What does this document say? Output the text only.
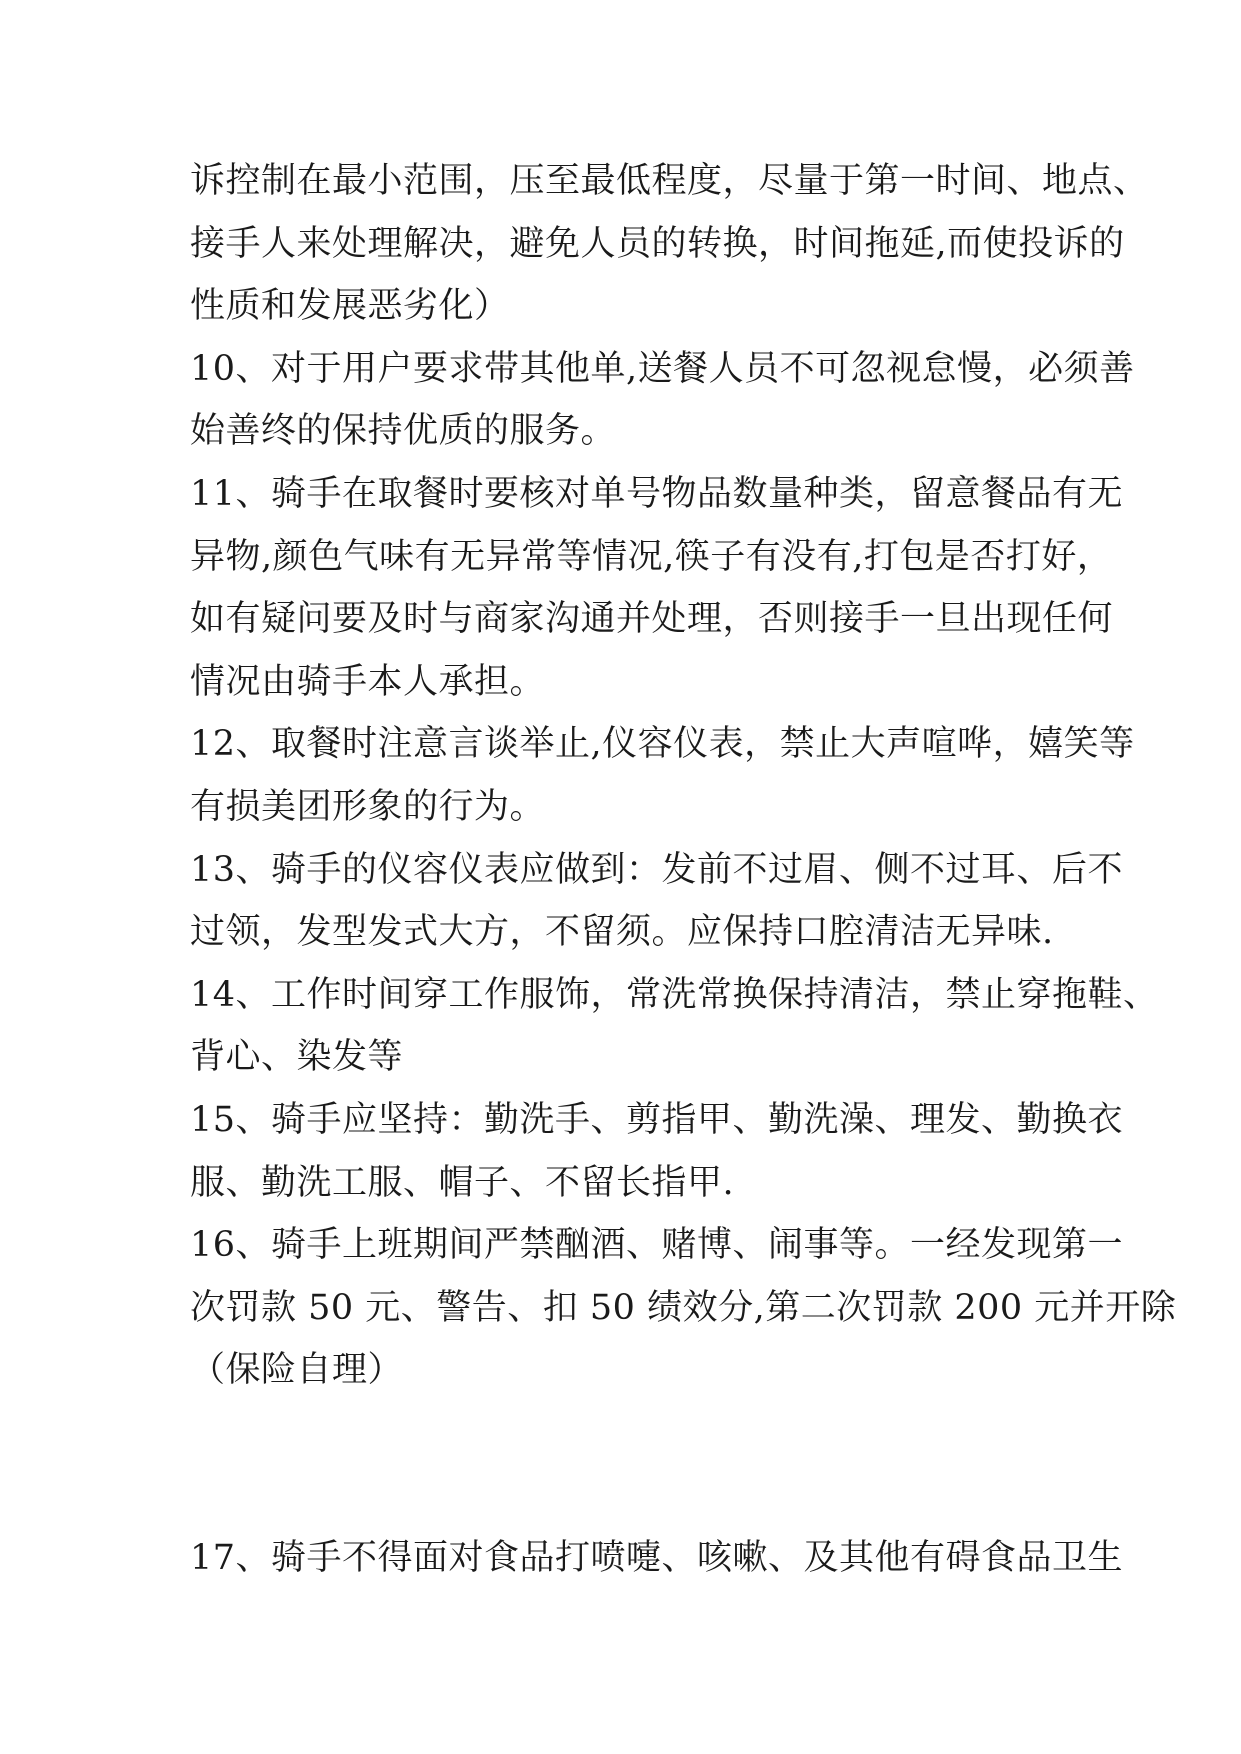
诉控制在最小范围，压至最低程度，尽量于第一时间、地点、
接手人来处理解决，避免人员的转换，时间拖延,而使投诉的
性质和发展恶劣化）
10、对于用户要求带其他单,送餐人员不可忽视怠慢，必须善
始善终的保持优质的服务。
11、骑手在取餐时要核对单号物品数量种类，留意餐品有无
异物,颜色气味有无异常等情况,筷子有没有,打包是否打好，
如有疑问要及时与商家沟通并处理，否则接手一旦出现任何
情况由骑手本人承担。
12、取餐时注意言谈举止,仪容仪表，禁止大声喧哗，嬉笑等
有损美团形象的行为。
13、骑手的仪容仪表应做到：发前不过眉、侧不过耳、后不
过领，发型发式大方，不留须。应保持口腔清洁无异味.
14、工作时间穿工作服饰，常洗常换保持清洁，禁止穿拖鞋、
背心、染发等
15、骑手应坚持：勤洗手、剪指甲、勤洗澡、理发、勤换衣
服、勤洗工服、帽子、不留长指甲.
16、骑手上班期间严禁酗酒、赌博、闹事等。一经发现第一
次罚款 50 元、警告、扣 50 绩效分,第二次罚款 200 元并开除
（保险自理）
17、骑手不得面对食品打喷嚏、咳嗽、及其他有碍食品卫生
